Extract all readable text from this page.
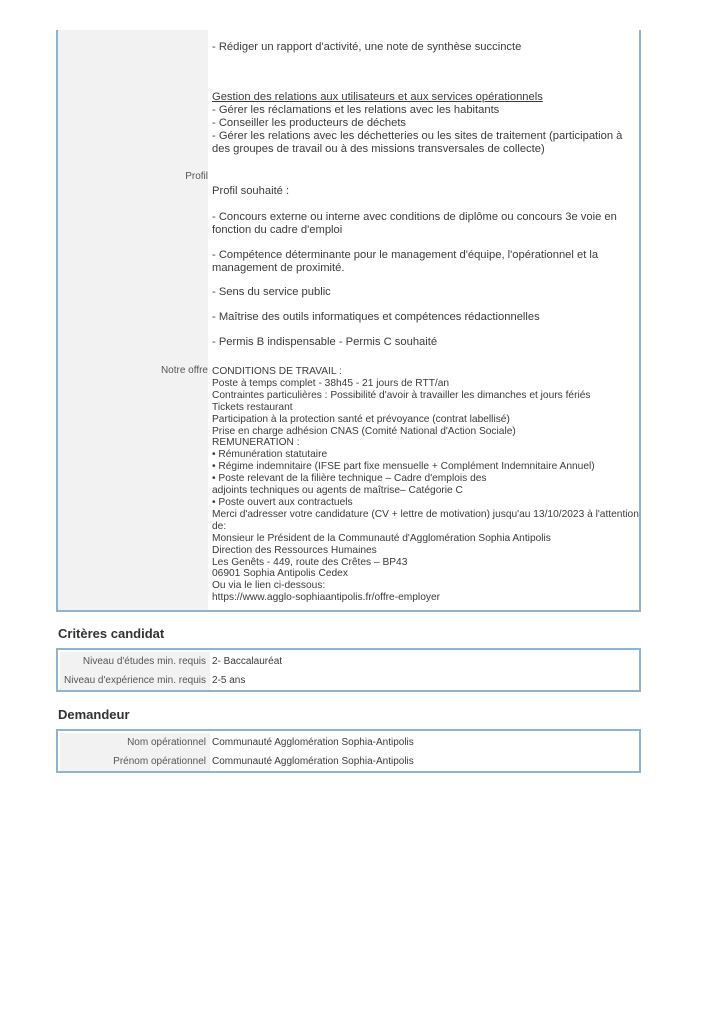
- Rédiger un rapport d'activité, une note de synthèse succincte
Gestion des relations aux utilisateurs et aux services opérationnels
- Gérer les réclamations et les relations avec les habitants
- Conseiller les producteurs de déchets
- Gérer les relations avec les déchetteries ou les sites de traitement (participation à
des groupes de travail ou à des missions transversales de collecte)
Profil
Profil souhaité :
- Concours externe ou interne avec conditions de diplôme ou concours 3e voie en
fonction du cadre d'emploi
- Compétence déterminante pour le management d'équipe, l'opérationnel et la
management de proximité.
- Sens du service public
- Maîtrise des outils informatiques et compétences rédactionnelles
- Permis B indispensable - Permis C souhaité
Notre offre CONDITIONS DE TRAVAIL :
Poste à temps complet - 38h45 - 21 jours de RTT/an
Contraintes particulières : Possibilité d'avoir à travailler les dimanches et jours fériés
Tickets restaurant
Participation à la protection santé et prévoyance (contrat labellisé)
Prise en charge adhésion CNAS (Comité National d'Action Sociale)
REMUNERATION :
• Rémunération statutaire
• Régime indemnitaire (IFSE part fixe mensuelle + Complément Indemnitaire Annuel)
• Poste relevant de la filière technique – Cadre d'emplois des
adjoints techniques ou agents de maîtrise– Catégorie C
• Poste ouvert aux contractuels
Merci d'adresser votre candidature (CV + lettre de motivation) jusqu'au 13/10/2023 à l'attention
de:
Monsieur le Président de la Communauté d'Agglomération Sophia Antipolis
Direction des Ressources Humaines
Les Genêts - 449, route des Crêtes – BP43
06901 Sophia Antipolis Cedex
Ou via le lien ci-dessous:
https://www.agglo-sophiaantipolis.fr/offre-employer
Critères candidat
Niveau d'études min. requis 2- Baccalauréat
Niveau d'expérience min. requis 2-5 ans
Demandeur
Nom opérationnel Communauté Agglomération Sophia-Antipolis
Prénom opérationnel Communauté Agglomération Sophia-Antipolis
